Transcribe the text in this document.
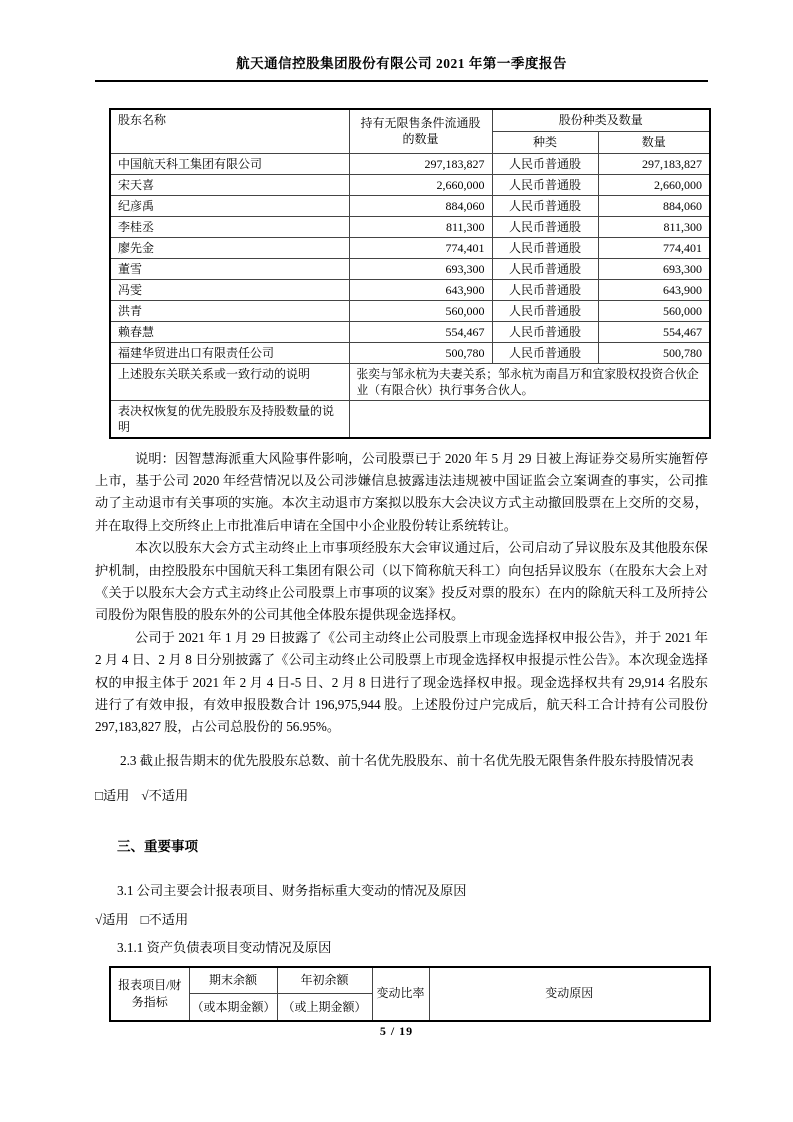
航天通信控股集团股份有限公司 2021 年第一季度报告
股东名称	持有无限售条件流通股的数量	股份种类及数量	
		种类	数量
中国航天科工集团有限公司	297,183,827	人民币普通股	297,183,827
宋天喜	2,660,000	人民币普通股	2,660,000
纪彦禹	884,060	人民币普通股	884,060
李桂丞	811,300	人民币普通股	811,300
廖先金	774,401	人民币普通股	774,401
董雪	693,300	人民币普通股	693,300
冯雯	643,900	人民币普通股	643,900
洪青	560,000	人民币普通股	560,000
赖春慧	554,467	人民币普通股	554,467
福建华贸进出口有限责任公司	500,780	人民币普通股	500,780
上述股东关联关系或一致行动的说明	张奕与邹永杭为夫妻关系；邹永杭为南昌万和宜家股权投资合伙企业（有限合伙）执行事务合伙人。		
表决权恢复的优先股股东及持股数量的说明			

说明：因智慧海派重大风险事件影响，公司股票已于 2020 年 5 月 29 日被上海证券交易所实施暂停上市，基于公司 2020 年经营情况以及公司涉嫌信息披露违法违规被中国证监会立案调查的事实，公司推动了主动退市有关事项的实施。本次主动退市方案拟以股东大会决议方式主动撤回股票在上交所的交易，并在取得上交所终止上市批准后申请在全国中小企业股份转让系统转让。

本次以股东大会方式主动终止上市事项经股东大会审议通过后，公司启动了异议股东及其他股东保护机制，由控股股东中国航天科工集团有限公司（以下简称航天科工）向包括异议股东（在股东大会上对《关于以股东大会方式主动终止公司股票上市事项的议案》投反对票的股东）在内的除航天科工及所持公司股份为限售股的股东外的公司其他全体股东提供现金选择权。

公司于 2021 年 1 月 29 日披露了《公司主动终止公司股票上市现金选择权申报公告》，并于 2021 年 2 月 4 日、2 月 8 日分别披露了《公司主动终止公司股票上市现金选择权申报提示性公告》。本次现金选择权的申报主体于 2021 年 2 月 4 日-5 日、2 月 8 日进行了现金选择权申报。现金选择权共有 29,914 名股东进行了有效申报，有效申报股数合计 196,975,944 股。上述股份过户完成后，航天科工合计持有公司股份 297,183,827 股，占公司总股份的 56.95%。

2.3 截止报告期末的优先股股东总数、前十名优先股股东、前十名优先股无限售条件股东持股情况表
□适用 √不适用
三、重要事项
3.1 公司主要会计报表项目、财务指标重大变动的情况及原因
√适用 □不适用
3.1.1 资产负债表项目变动情况及原因
报表项目/财务指标	期末余额	年初余额	变动比率	变动原因
	（或本期金额）	（或上期金额）		
5 / 19
